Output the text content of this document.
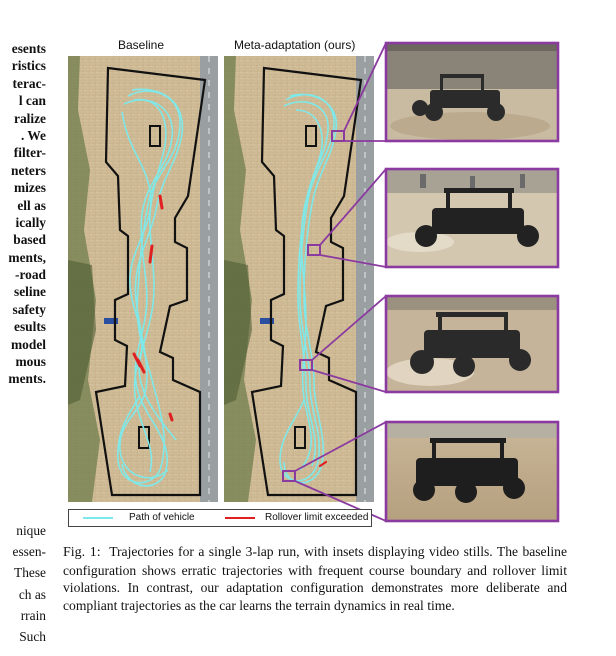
esents
ristics
terac-
l can
ralize
. We
filter-
neters
mizes
ell as
ically
based
ments,
-road
seline
safety
esults
model
mous
ments.
nique
essen-
These
ch as
rrain
Such
Baseline	Meta-adaptation (ours)
Path of vehicle	Rollover limit exceeded
Fig. 1: Trajectories for a single 3-lap run, with insets displaying video stills. The baseline configuration shows erratic trajectories with frequent course boundary and rollover limit violations. In contrast, our adaptation configuration demonstrates more deliberate and compliant trajectories as the car learns the terrain dynamics in real time.
